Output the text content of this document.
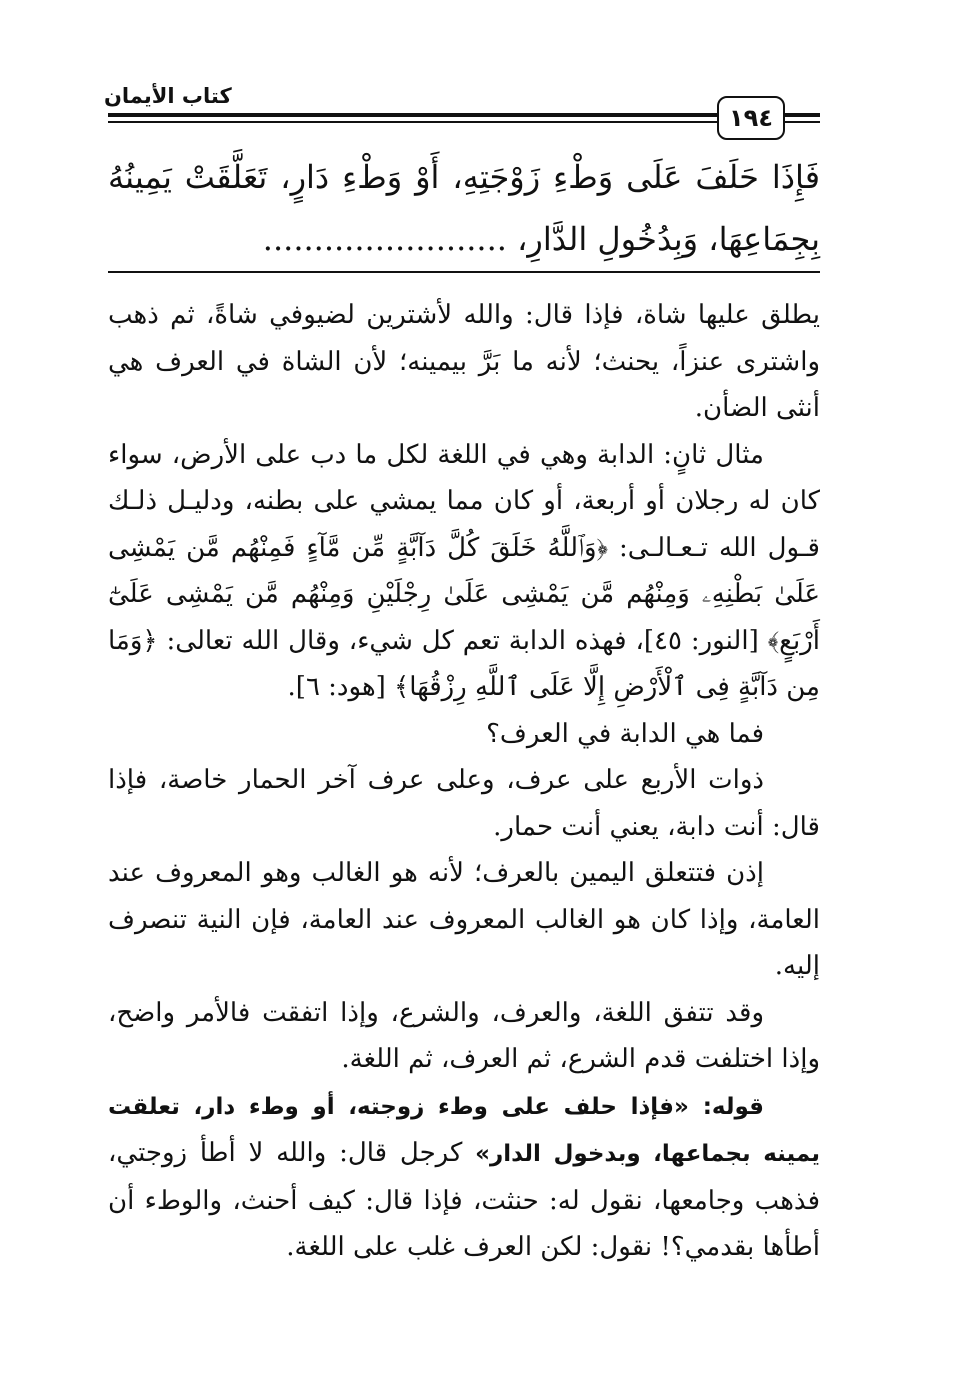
كتاب الأيمان
١٩٤

فَإِذَا حَلَفَ عَلَى وَطْءِ زَوْجَتِهِ، أَوْ وَطْءِ دَارٍ، تَعَلَّقَتْ يَمِينُهُ بِجِمَاعِهَا، وَبِدُخُولِ الدَّارِ، ........................

يطلق عليها شاة، فإذا قال: والله لأشترين لضيوفي شاةً، ثم ذهب واشترى عنزاً، يحنث؛ لأنه ما بَرَّ بيمينه؛ لأن الشاة في العرف هي أنثى الضأن.

مثال ثانٍ: الدابة وهي في اللغة لكل ما دب على الأرض، سواء كان له رجلان أو أربعة، أو كان مما يمشي على بطنه، ودليـل ذلـك قـول الله تـعـالـى: ﴿وَٱللَّهُ خَلَقَ كُلَّ دَآبَّةٍ مِّن مَّآءٍ فَمِنْهُم مَّن يَمْشِى عَلَىٰ بَطْنِهِۦ وَمِنْهُم مَّن يَمْشِى عَلَىٰ رِجْلَيْنِ وَمِنْهُم مَّن يَمْشِى عَلَىٰٓ أَرْبَعٍ﴾ [النور: ٤٥]، فهذه الدابة تعم كل شيء، وقال الله تعالى: ﴿وَمَا مِن دَآبَّةٍ فِى ٱلْأَرْضِ إِلَّا عَلَى ٱللَّهِ رِزْقُهَا﴾ [هود: ٦].

فما هي الدابة في العرف؟

ذوات الأربع على عرف، وعلى عرف آخر الحمار خاصة، فإذا قال: أنت دابة، يعني أنت حمار.

إذن فتتعلق اليمين بالعرف؛ لأنه هو الغالب وهو المعروف عند العامة، وإذا كان هو الغالب المعروف عند العامة، فإن النية تنصرف إليه.

وقد تتفق اللغة، والعرف، والشرع، وإذا اتفقت فالأمر واضح، وإذا اختلفت قدم الشرع، ثم العرف، ثم اللغة.

قوله: «فإذا حلف على وطء زوجته، أو وطء دار، تعلقت يمينه بجماعها، وبدخول الدار» كرجل قال: والله لا أطأ زوجتي، فذهب وجامعها، نقول له: حنثت، فإذا قال: كيف أحنث، والوطء أن أطأها بقدمي؟! نقول: لكن العرف غلب على اللغة.
